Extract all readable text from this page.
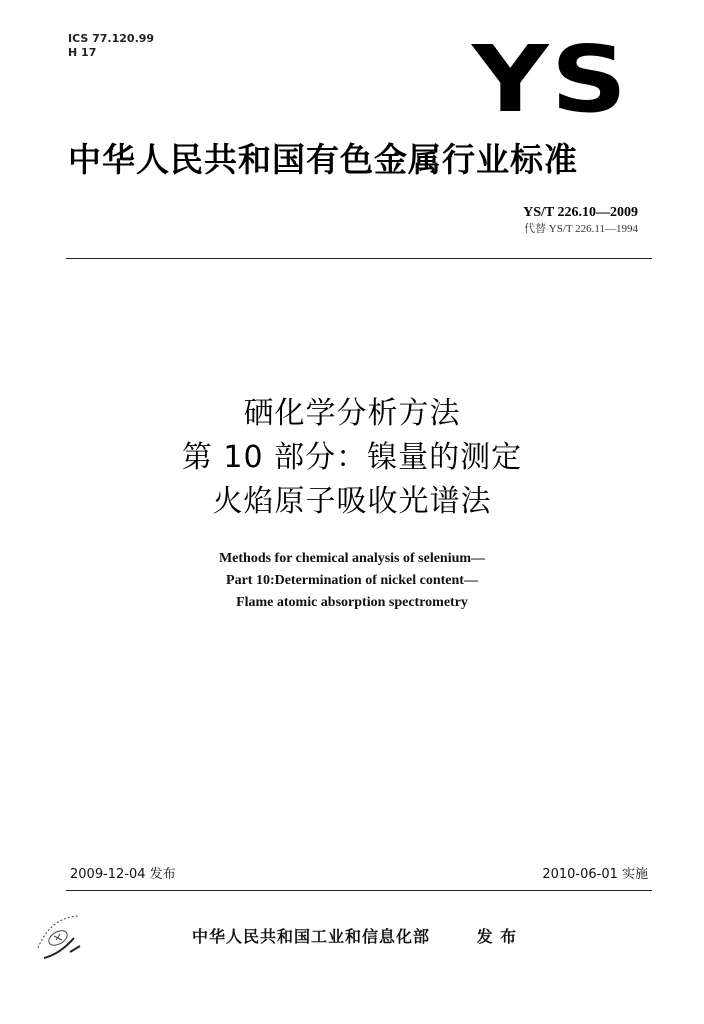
ICS 77.120.99
H 17	YS
中华人民共和国有色金属行业标准
YS/T 226.10—2009
代替 YS/T 226.11—1994
硒化学分析方法
第 10 部分：镍量的测定
火焰原子吸收光谱法
Methods for chemical analysis of selenium—
Part 10:Determination of nickel content—
Flame atomic absorption spectrometry
2009-12-04 发布	2010-06-01 实施
中华人民共和国工业和信息化部	发 布
